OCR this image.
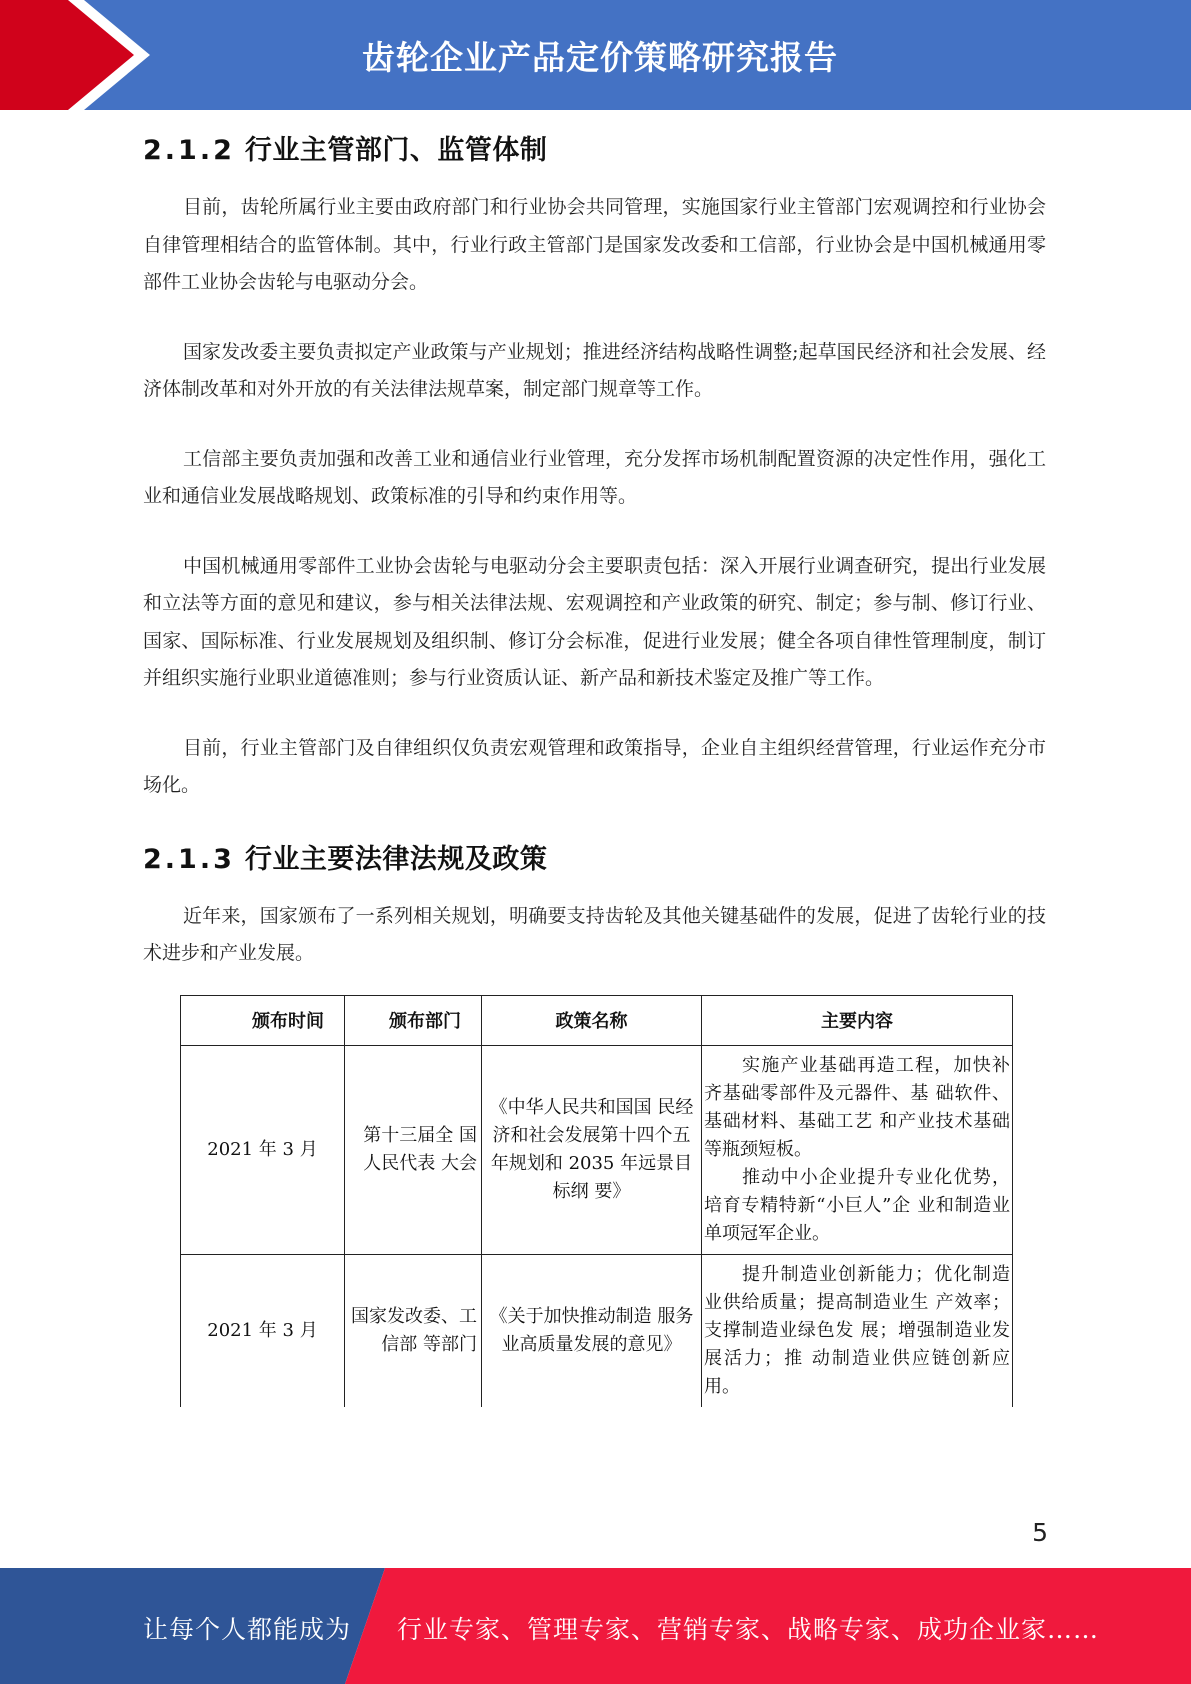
齿轮企业产品定价策略研究报告
2.1.2 行业主管部门、监管体制

目前，齿轮所属行业主要由政府部门和行业协会共同管理，实施国家行业主管部门宏观调控和行业协会自律管理相结合的监管体制。其中，行业行政主管部门是国家发改委和工信部，行业协会是中国机械通用零部件工业协会齿轮与电驱动分会。

国家发改委主要负责拟定产业政策与产业规划；推进经济结构战略性调整;起草国民经济和社会发展、经济体制改革和对外开放的有关法律法规草案，制定部门规章等工作。

工信部主要负责加强和改善工业和通信业行业管理，充分发挥市场机制配置资源的决定性作用，强化工业和通信业发展战略规划、政策标准的引导和约束作用等。

中国机械通用零部件工业协会齿轮与电驱动分会主要职责包括：深入开展行业调查研究，提出行业发展和立法等方面的意见和建议，参与相关法律法规、宏观调控和产业政策的研究、制定；参与制、修订行业、国家、国际标准、行业发展规划及组织制、修订分会标准，促进行业发展；健全各项自律性管理制度，制订并组织实施行业职业道德准则；参与行业资质认证、新产品和新技术鉴定及推广等工作。

目前，行业主管部门及自律组织仅负责宏观管理和政策指导，企业自主组织经营管理，行业运作充分市场化。

2.1.3 行业主要法律法规及政策

近年来，国家颁布了一系列相关规划，明确要支持齿轮及其他关键基础件的发展，促进了齿轮行业的技术进步和产业发展。

颁布时间	颁布部门	政策名称	主要内容
2021 年 3 月	第十三届全 国人民代表 大会	《中华人民共和国国 民经济和社会发展第十四个五年规划和 2035 年远景目标纲 要》	实施产业基础再造工程，加快补齐基础零部件及元器件、基 础软件、基础材料、基础工艺 和产业技术基础等瓶颈短板。
推动中小企业提升专业化优势，培育专精特新“小巨人”企 业和制造业单项冠军企业。

2021 年 3 月	国家发改委、工信部 等部门	《关于加快推动制造 服务业高质量发展的意见》	提升制造业创新能力；优化制造业供给质量；提高制造业生 产效率；支撑制造业绿色发 展；增强制造业发展活力；推 动制造业供应链创新应用。
5
让每个人都能成为 行业专家、管理专家、营销专家、战略专家、成功企业家……
